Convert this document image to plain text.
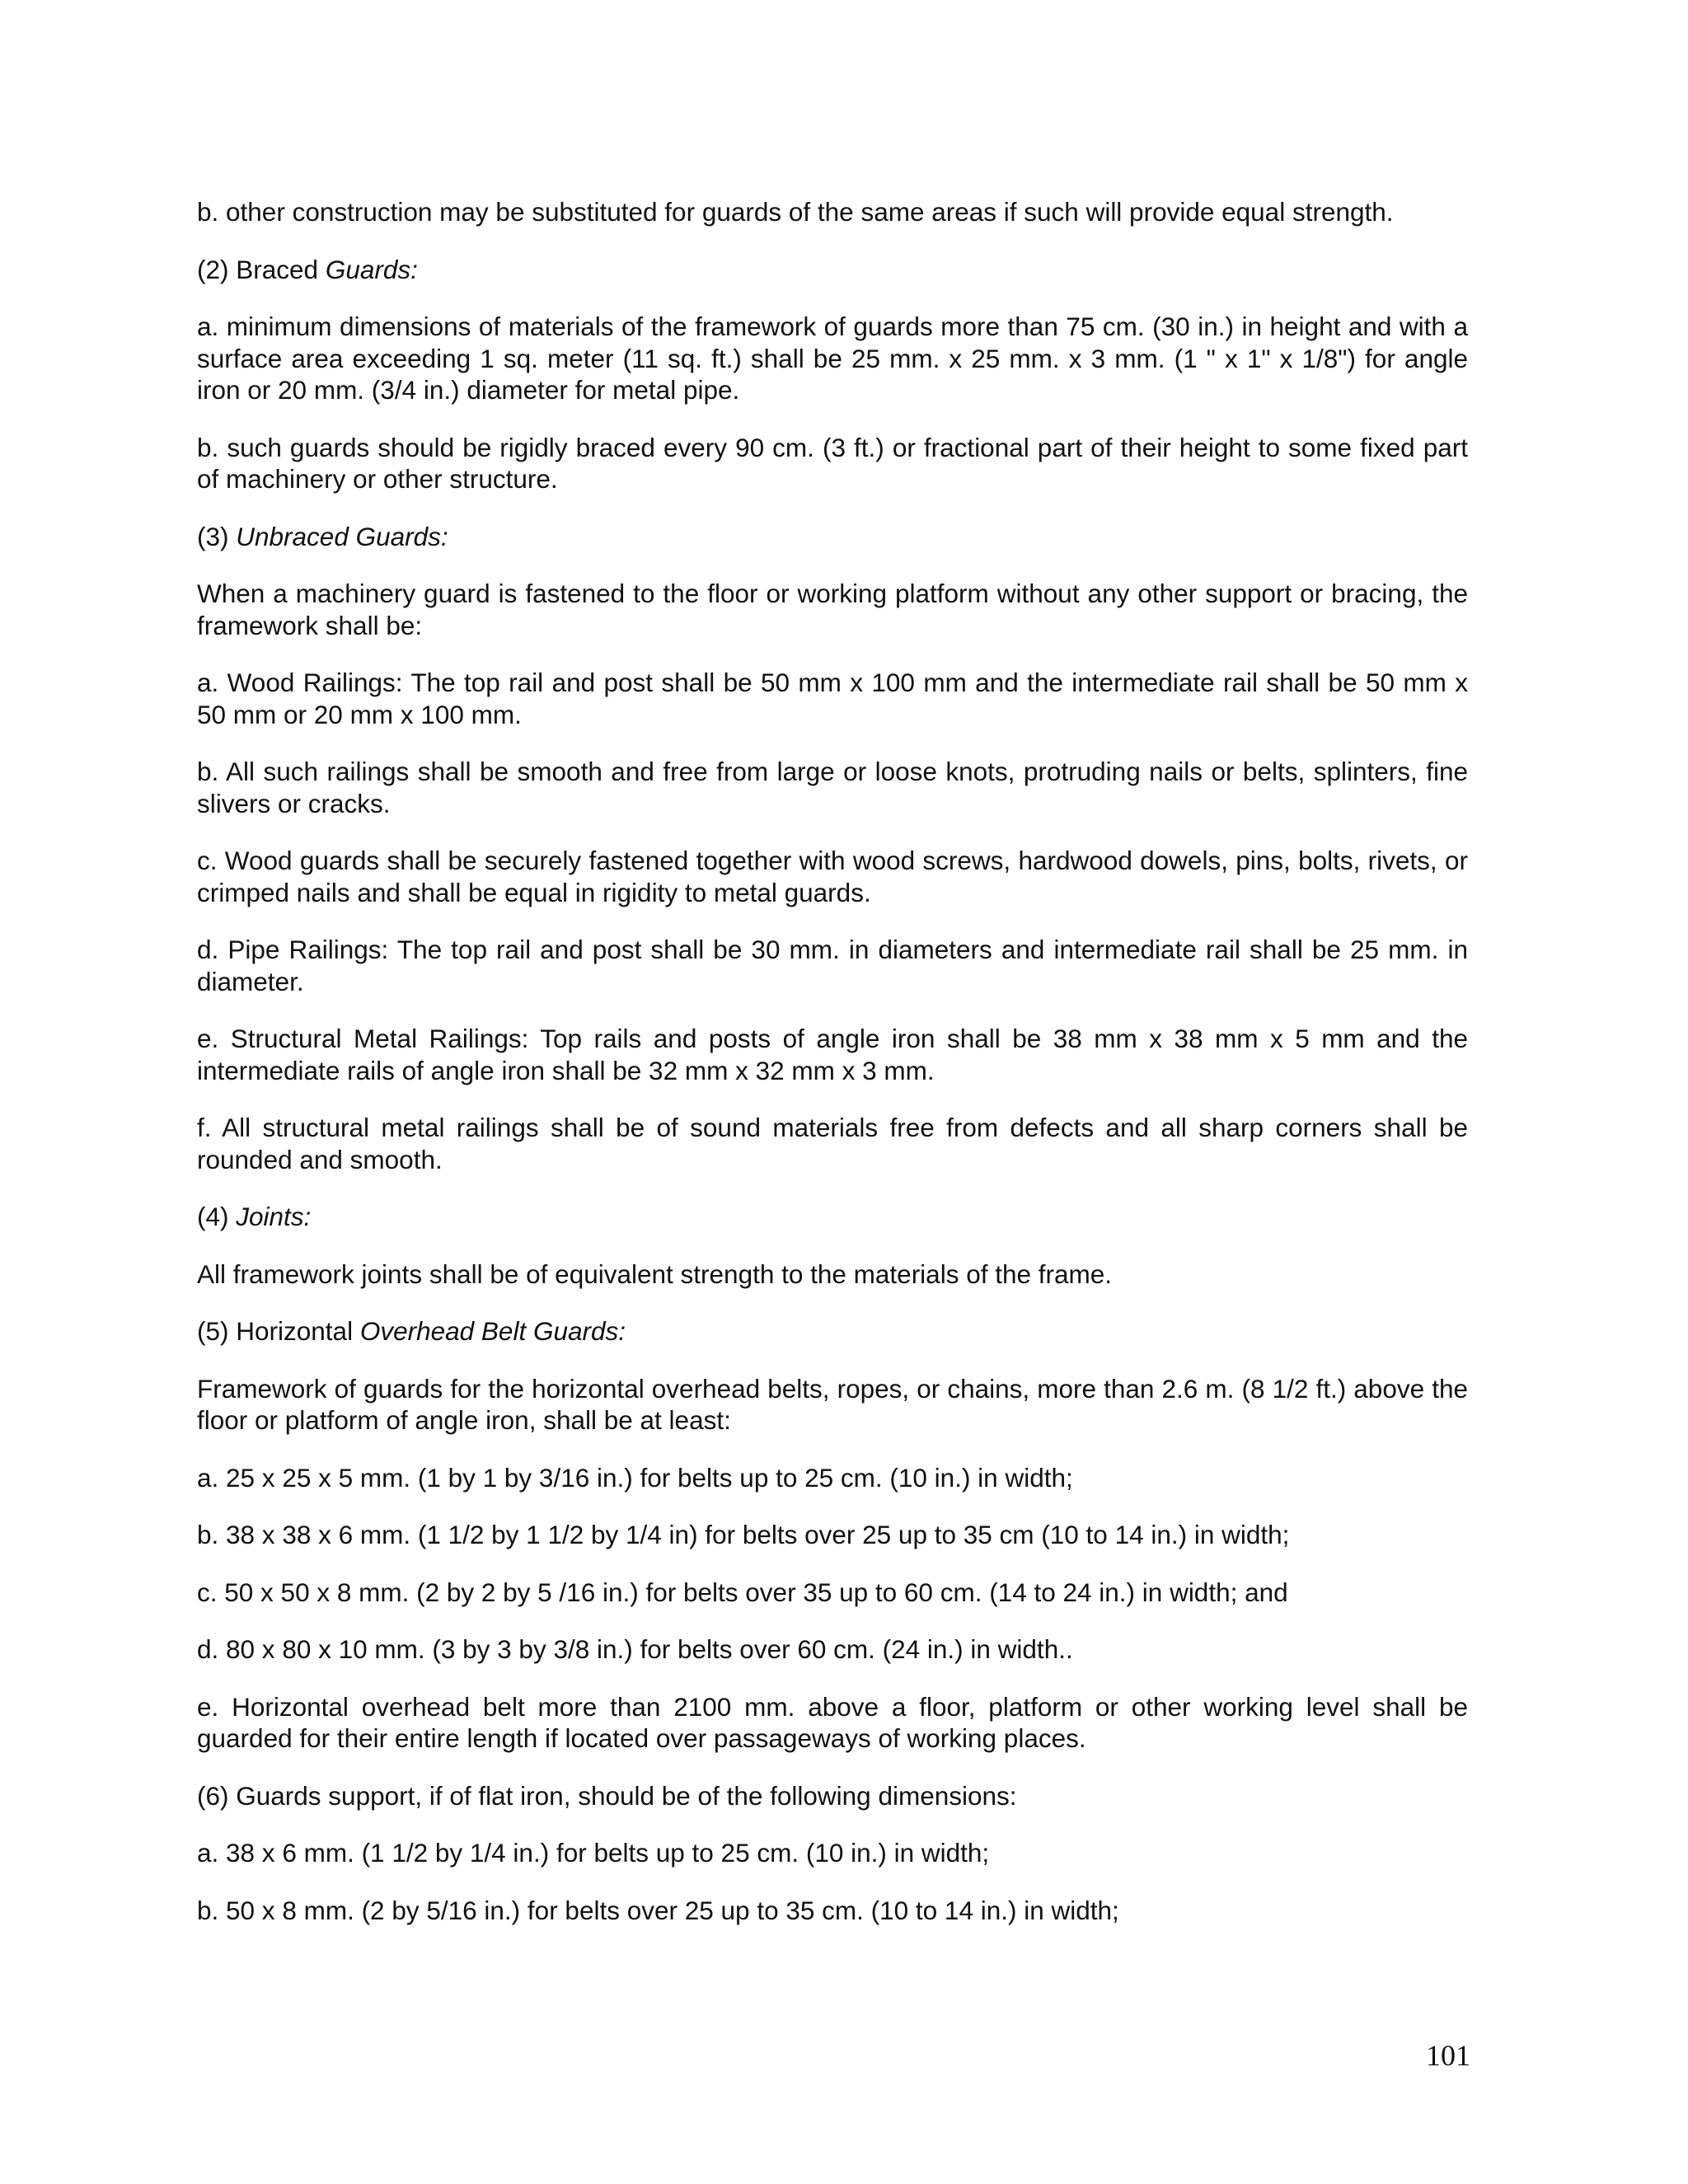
b. other construction may be substituted for guards of the same areas if such will provide equal strength.

(2) Braced Guards:

a. minimum dimensions of materials of the framework of guards more than 75 cm. (30 in.) in height and with a surface area exceeding 1 sq. meter (11 sq. ft.) shall be 25 mm. x 25 mm. x 3 mm. (1 " x 1" x 1/8") for angle iron or 20 mm. (3/4 in.) diameter for metal pipe.

b. such guards should be rigidly braced every 90 cm. (3 ft.) or fractional part of their height to some fixed part of machinery or other structure.

(3) Unbraced Guards:

When a machinery guard is fastened to the floor or working platform without any other support or bracing, the framework shall be:

a. Wood Railings: The top rail and post shall be 50 mm x 100 mm and the intermediate rail shall be 50 mm x 50 mm or 20 mm x 100 mm.

b. All such railings shall be smooth and free from large or loose knots, protruding nails or belts, splinters, fine slivers or cracks.

c. Wood guards shall be securely fastened together with wood screws, hardwood dowels, pins, bolts, rivets, or crimped nails and shall be equal in rigidity to metal guards.

d. Pipe Railings: The top rail and post shall be 30 mm. in diameters and intermediate rail shall be 25 mm. in diameter.

e. Structural Metal Railings: Top rails and posts of angle iron shall be 38 mm x 38 mm x 5 mm and the intermediate rails of angle iron shall be 32 mm x 32 mm x 3 mm.

f. All structural metal railings shall be of sound materials free from defects and all sharp corners shall be rounded and smooth.

(4) Joints:

All framework joints shall be of equivalent strength to the materials of the frame.

(5) Horizontal Overhead Belt Guards:

Framework of guards for the horizontal overhead belts, ropes, or chains, more than 2.6 m. (8 1/2 ft.) above the floor or platform of angle iron, shall be at least:

a. 25 x 25 x 5 mm. (1 by 1 by 3/16 in.) for belts up to 25 cm. (10 in.) in width;

b. 38 x 38 x 6 mm. (1 1/2 by 1 1/2 by 1/4 in) for belts over 25 up to 35 cm (10 to 14 in.) in width;

c. 50 x 50 x 8 mm. (2 by 2 by 5 /16 in.) for belts over 35 up to 60 cm. (14 to 24 in.) in width; and

d. 80 x 80 x 10 mm. (3 by 3 by 3/8 in.) for belts over 60 cm. (24 in.) in width..

e. Horizontal overhead belt more than 2100 mm. above a floor, platform or other working level shall be guarded for their entire length if located over passageways of working places.

(6) Guards support, if of flat iron, should be of the following dimensions:

a. 38 x 6 mm. (1 1/2 by 1/4 in.) for belts up to 25 cm. (10 in.) in width;

b. 50 x 8 mm. (2 by 5/16 in.) for belts over 25 up to 35 cm. (10 to 14 in.) in width;

101
